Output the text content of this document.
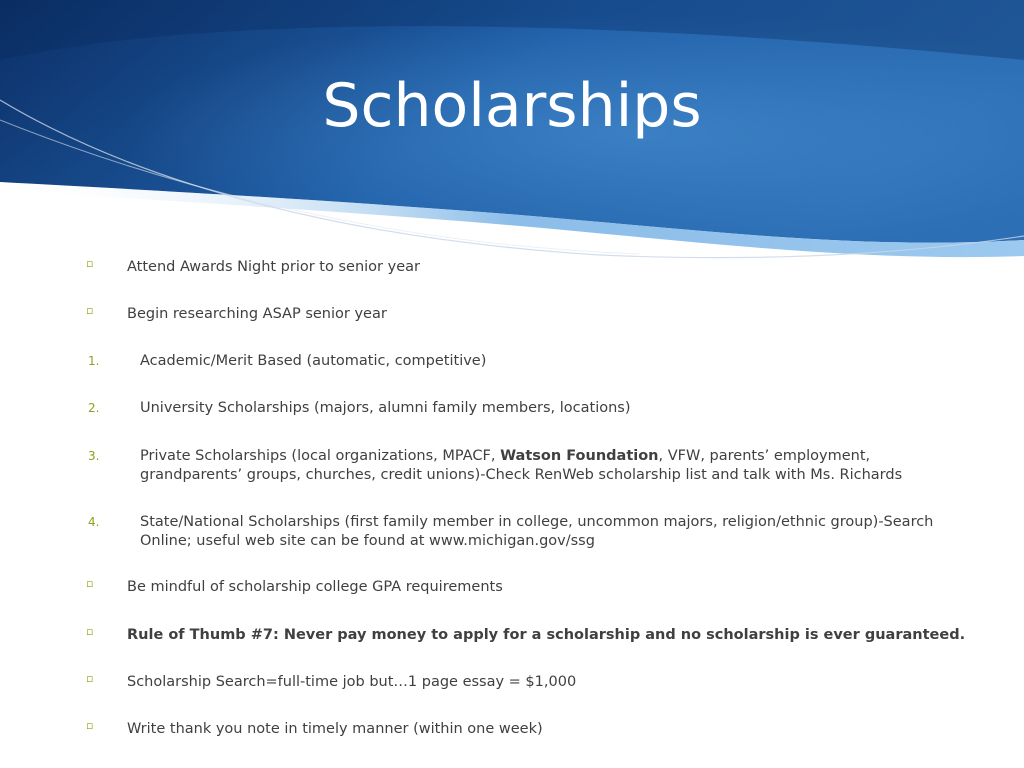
Scholarships
▫ Attend Awards Night prior to senior year
▫ Begin researching ASAP senior year
1.	Academic/Merit Based (automatic, competitive)
2.	University Scholarships (majors, alumni family members, locations)
3.	Private Scholarships (local organizations, MPACF, Watson Foundation, VFW, parents’ employment, grandparents’ groups, churches, credit unions)-Check RenWeb scholarship list and talk with Ms. Richards
4.	State/National Scholarships (first family member in college, uncommon majors, religion/ethnic group)-Search Online; useful web site can be found at www.michigan.gov/ssg
▫ Be mindful of scholarship college GPA requirements
▫ Rule of Thumb #7: Never pay money to apply for a scholarship and no scholarship is ever guaranteed.
▫ Scholarship Search=full-time job but…1 page essay = $1,000
▫ Write thank you note in timely manner (within one week)
